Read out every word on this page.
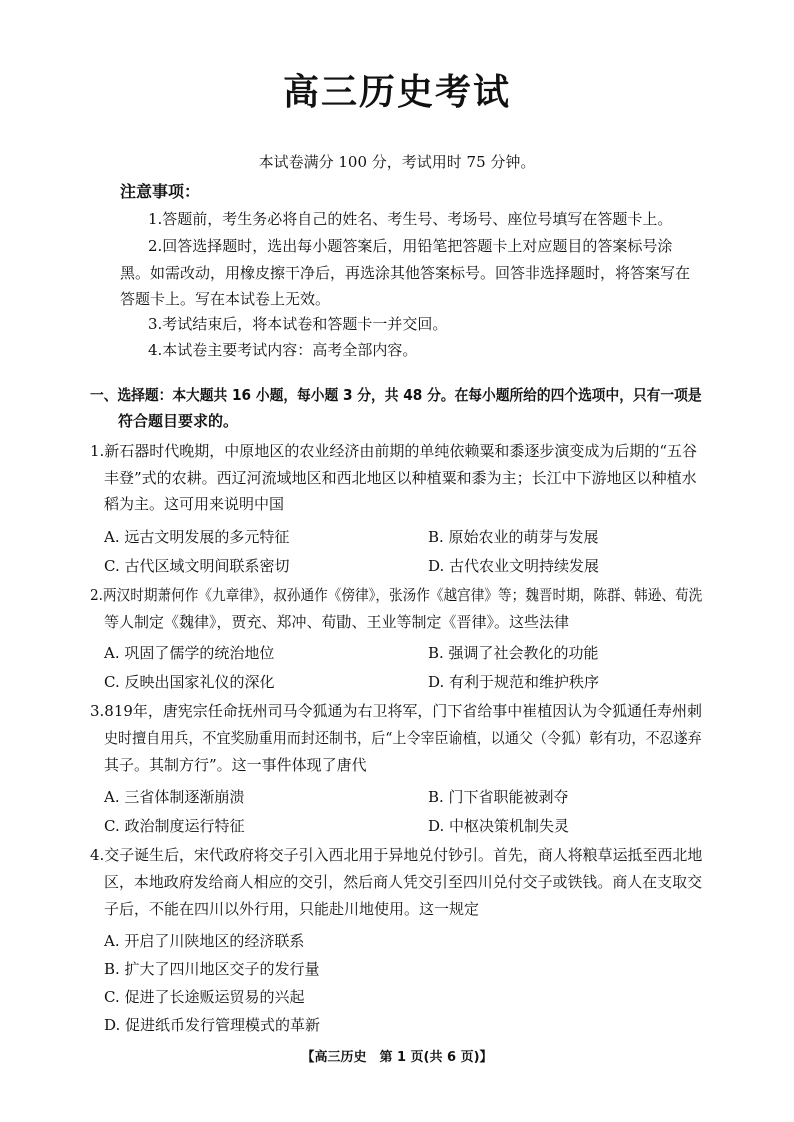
高三历史考试
本试卷满分 100 分，考试用时 75 分钟。
注意事项：
1.答题前，考生务必将自己的姓名、考生号、考场号、座位号填写在答题卡上。
2.回答选择题时，选出每小题答案后，用铅笔把答题卡上对应题目的答案标号涂
黑。如需改动，用橡皮擦干净后，再选涂其他答案标号。回答非选择题时，将答案写在
答题卡上。写在本试卷上无效。
3.考试结束后，将本试卷和答题卡一并交回。
4.本试卷主要考试内容：高考全部内容。
一、选择题：本大题共 16 小题，每小题 3 分，共 48 分。在每小题所给的四个选项中，只有一项是
符合题目要求的。
1.新石器时代晚期，中原地区的农业经济由前期的单纯依赖粟和黍逐步演变成为后期的“五谷
丰登”式的农耕。西辽河流域地区和西北地区以种植粟和黍为主；长江中下游地区以种植水
稻为主。这可用来说明中国
A. 远古文明发展的多元特征	B. 原始农业的萌芽与发展
C. 古代区域文明间联系密切	D. 古代农业文明持续发展
2.两汉时期萧何作《九章律》，叔孙通作《傍律》，张汤作《越宫律》等；魏晋时期，陈群、韩逊、荀洗
等人制定《魏律》，贾充、郑冲、荀勖、王业等制定《晋律》。这些法律
A. 巩固了儒学的统治地位	B. 强调了社会教化的功能
C. 反映出国家礼仪的深化	D. 有利于规范和维护秩序
3.819年，唐宪宗任命抚州司马令狐通为右卫将军，门下省给事中崔植因认为令狐通任寿州刺
史时擅自用兵，不宜奖励重用而封还制书，后“上令宰臣谕植，以通父（令狐）彰有功，不忍遂弃
其子。其制方行”。这一事件体现了唐代
A. 三省体制逐渐崩溃	B. 门下省职能被剥夺
C. 政治制度运行特征	D. 中枢决策机制失灵
4.交子诞生后，宋代政府将交子引入西北用于异地兑付钞引。首先，商人将粮草运抵至西北地
区，本地政府发给商人相应的交引，然后商人凭交引至四川兑付交子或铁钱。商人在支取交
子后，不能在四川以外行用，只能赴川地使用。这一规定
A. 开启了川陕地区的经济联系
B. 扩大了四川地区交子的发行量
C. 促进了长途贩运贸易的兴起
D. 促进纸币发行管理模式的革新
【高三历史　第 1 页(共 6 页)】
